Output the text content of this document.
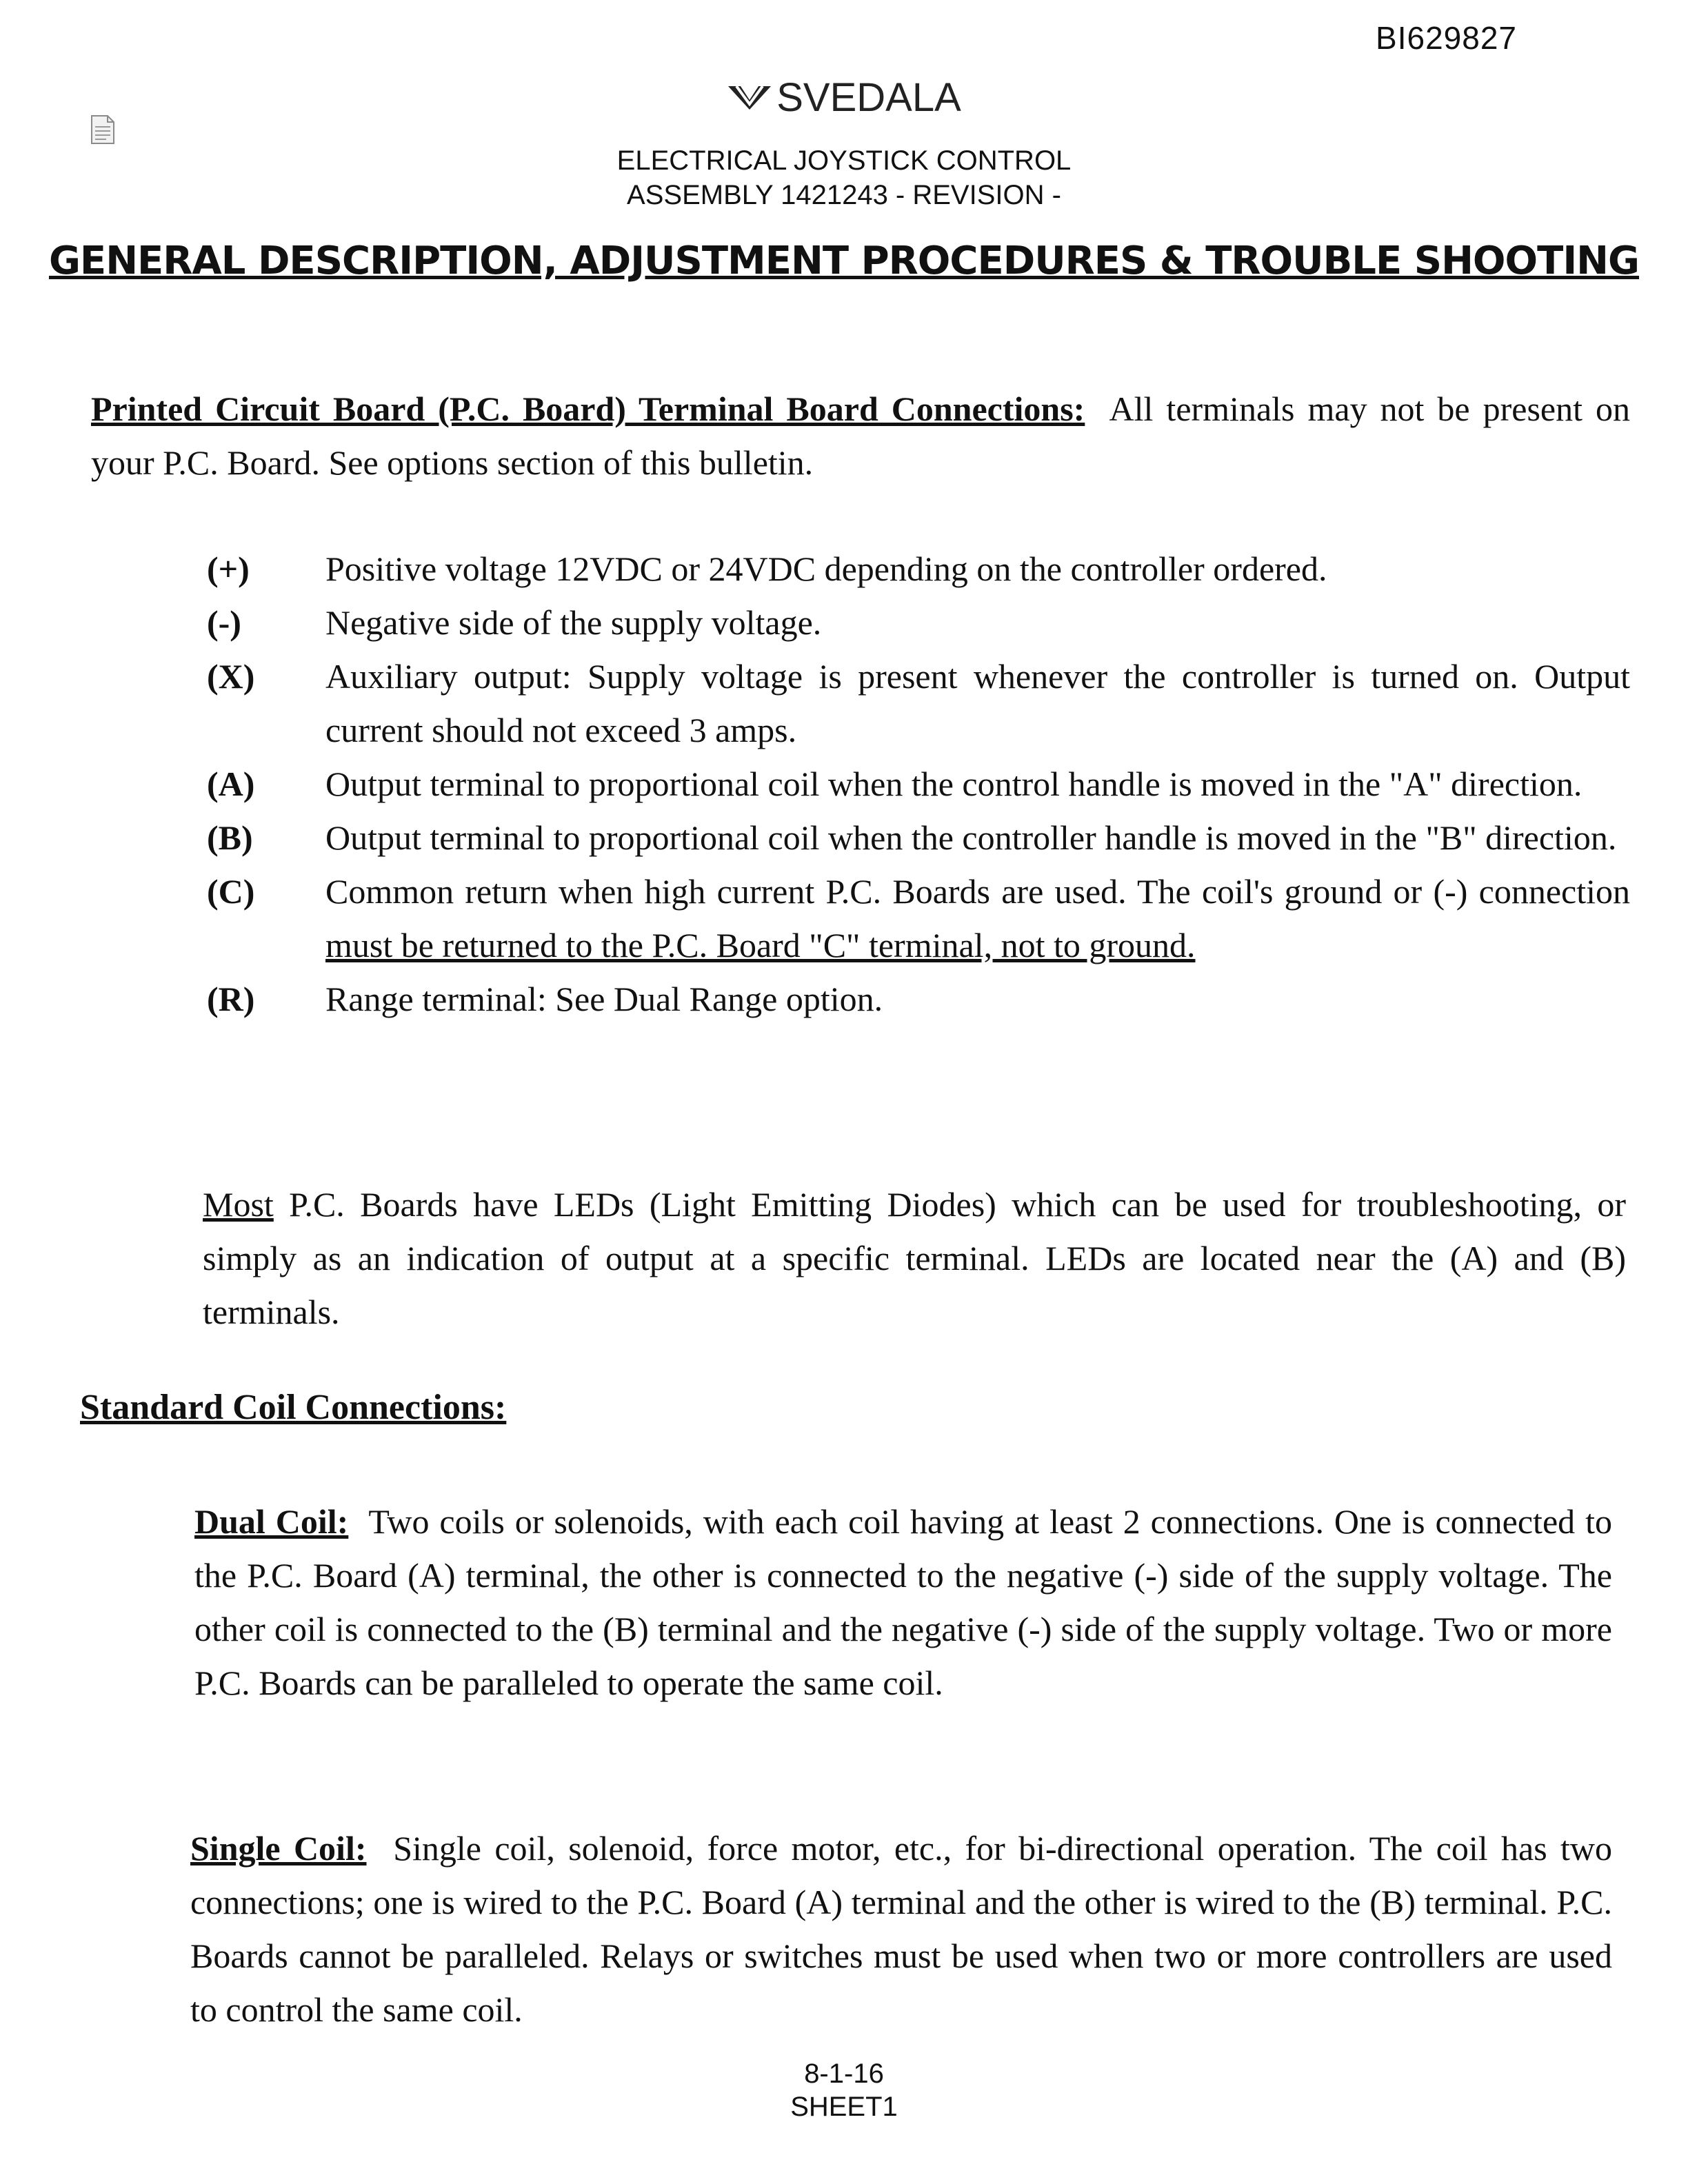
BI629827
SVEDALA
ELECTRICAL JOYSTICK CONTROL
ASSEMBLY 1421243 - REVISION -
GENERAL DESCRIPTION, ADJUSTMENT PROCEDURES & TROUBLE SHOOTING
Printed Circuit Board (P.C. Board) Terminal Board Connections: All terminals may not be present on your P.C. Board. See options section of this bulletin.
(+)	Positive voltage 12VDC or 24VDC depending on the controller ordered.
(-)	Negative side of the supply voltage.
(X)	Auxiliary output: Supply voltage is present whenever the controller is turned on. Output current should not exceed 3 amps.
(A)	Output terminal to proportional coil when the control handle is moved in the "A" direction.
(B)	Output terminal to proportional coil when the controller handle is moved in the "B" direction.
(C)	Common return when high current P.C. Boards are used. The coil's ground or (-) connection must be returned to the P.C. Board "C" terminal, not to ground.
(R)	Range terminal: See Dual Range option.
Most P.C. Boards have LEDs (Light Emitting Diodes) which can be used for troubleshooting, or simply as an indication of output at a specific terminal. LEDs are located near the (A) and (B) terminals.
Standard Coil Connections:
Dual Coil: Two coils or solenoids, with each coil having at least 2 connections. One is connected to the P.C. Board (A) terminal, the other is connected to the negative (-) side of the supply voltage. The other coil is connected to the (B) terminal and the negative (-) side of the supply voltage. Two or more P.C. Boards can be paralleled to operate the same coil.
Single Coil: Single coil, solenoid, force motor, etc., for bi-directional operation. The coil has two connections; one is wired to the P.C. Board (A) terminal and the other is wired to the (B) terminal. P.C. Boards cannot be paralleled. Relays or switches must be used when two or more controllers are used to control the same coil.
8-1-16
SHEET1
